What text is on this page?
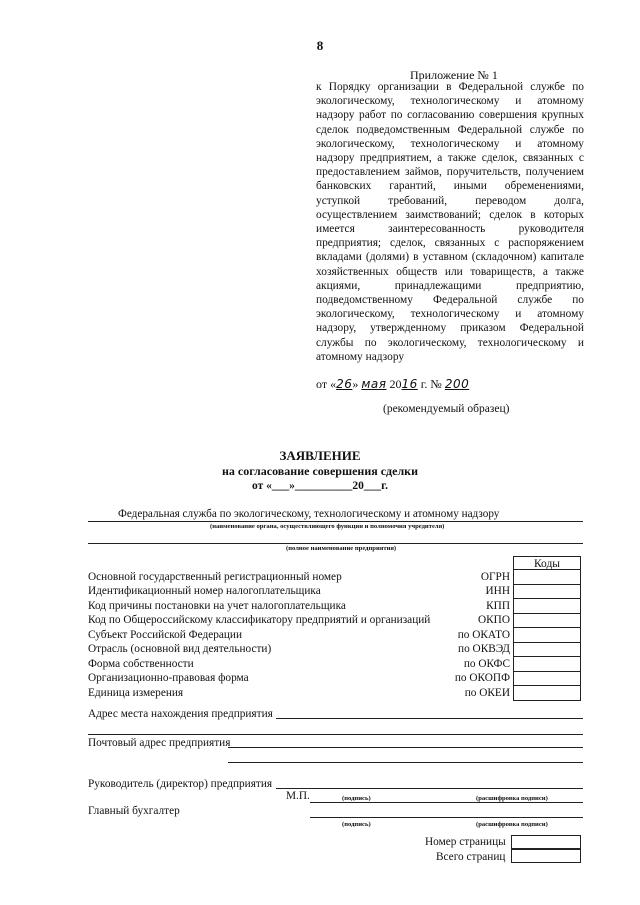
8
Приложение № 1

к Порядку организации в Федеральной службе по экологическому, технологическому и атомному надзору работ по согласованию совершения крупных сделок подведомственным Федеральной службе по экологическому, технологическому и атомному надзору предприятием, а также сделок, связанных с предоставлением займов, поручительств, получением банковских гарантий, иными обременениями, уступкой требований, переводом долга, осуществлением заимствований; сделок в которых имеется заинтересованность руководителя предприятия; сделок, связанных с распоряжением вкладами (долями) в уставном (складочном) капитале хозяйственных обществ или товариществ, а также акциями, принадлежащими предприятию, подведомственному Федеральной службе по экологическому, технологическому и атомному надзору, утвержденному приказом Федеральной службы по экологическому, технологическому и атомному надзору

от «26» мая 2016 г. № 200
(рекомендуемый образец)
ЗАЯВЛЕНИЕ
на согласование совершения сделки
от «___»__________20___г.
Федеральная служба по экологическому, технологическому и атомному надзору
(наименование органа, осуществляющего функции и полномочия учредителя)
(полное наименование предприятия)
Коды
Основной государственный регистрационный номер	ОГРН
Идентификационный номер налогоплательщика	ИНН
Код причины постановки на учет налогоплательщика	КПП
Код по Общероссийскому классификатору предприятий и организаций	ОКПО
Субъект Российской Федерации	по ОКАТО
Отрасль (основной вид деятельности)	по ОКВЭД
Форма собственности	по ОКФС
Организационно-правовая форма	по ОКОПФ
Единица измерения	по ОКЕИ
Адрес места нахождения предприятия
Почтовый адрес предприятия
Руководитель (директор) предприятия
М.П.	(подпись)	(расшифровка подписи)
Главный бухгалтер
(подпись)	(расшифровка подписи)
Номер страницы
Всего страниц
